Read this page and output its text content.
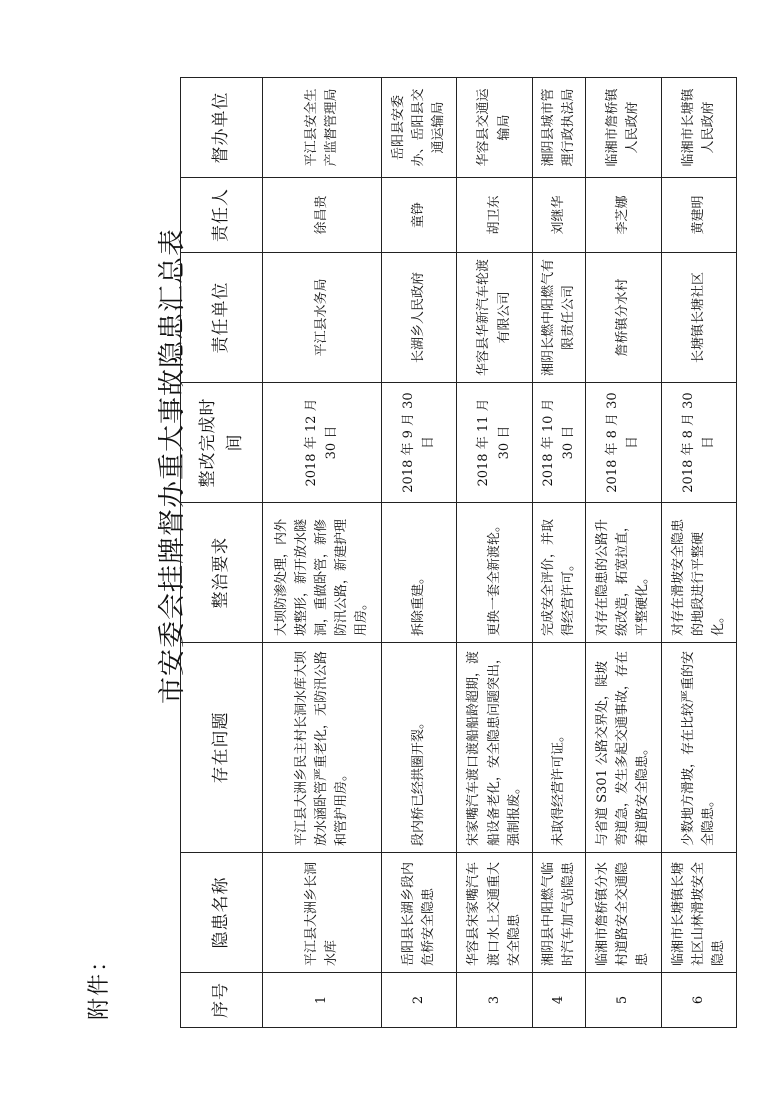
附件：
市安委会挂牌督办重大事故隐患汇总表
序号	隐患名称	存在问题	整治要求	整改完成时间	责任单位	责任人	督办单位
1	平江县大洲乡长洞水库	平江县大洲乡民主村长洞水库大坝放水涵卧管严重老化，无防汛公路和管护用房。	大坝防渗处理，内外坡整形，新开放水隧洞，重做卧管，新修防汛公路，新建护理用房。	2018 年 12 月 30 日	平江县水务局	徐昌贵	平江县安全生产监督管理局
2	岳阳县长湖乡段内危桥安全隐患	段内桥已经拱圈开裂。	拆除重建。	2018 年 9 月 30 日	长湖乡人民政府	童铮	岳阳县安委办、岳阳县交通运输局
3	华容县宋家嘴汽车渡口水上交通重大安全隐患	宋家嘴汽车渡口渡船船龄超期，渡船设备老化，安全隐患问题突出，强制报废。	更换一套全新渡轮。	2018 年 11 月 30 日	华容县华新汽车轮渡有限公司	胡卫东	华容县交通运输局
4	湘阴县中阳燃气临时汽车加气站隐患	未取得经营许可证。	完成安全评价，并取得经营许可。	2018 年 10 月 30 日	湘阴长燃中阳燃气有限责任公司	刘继华	湘阴县城市管理行政执法局
5	临湘市詹桥镇分水村道路安全交通隐患	与省道 S301 公路交界处，陡坡弯道急，发生多起交通事故，存在着道路安全隐患。	对存在隐患的公路升级改造，拓宽拉直，平整硬化。	2018 年 8 月 30 日	詹桥镇分水村	李芝娜	临湘市詹桥镇人民政府
6	临湘市长塘镇长塘社区山林滑坡安全隐患	少数地方滑坡，存在比较严重的安全隐患。	对存在滑坡安全隐患的地段进行平整硬化。	2018 年 8 月 30 日	长塘镇长塘社区	黄建明	临湘市长塘镇人民政府
